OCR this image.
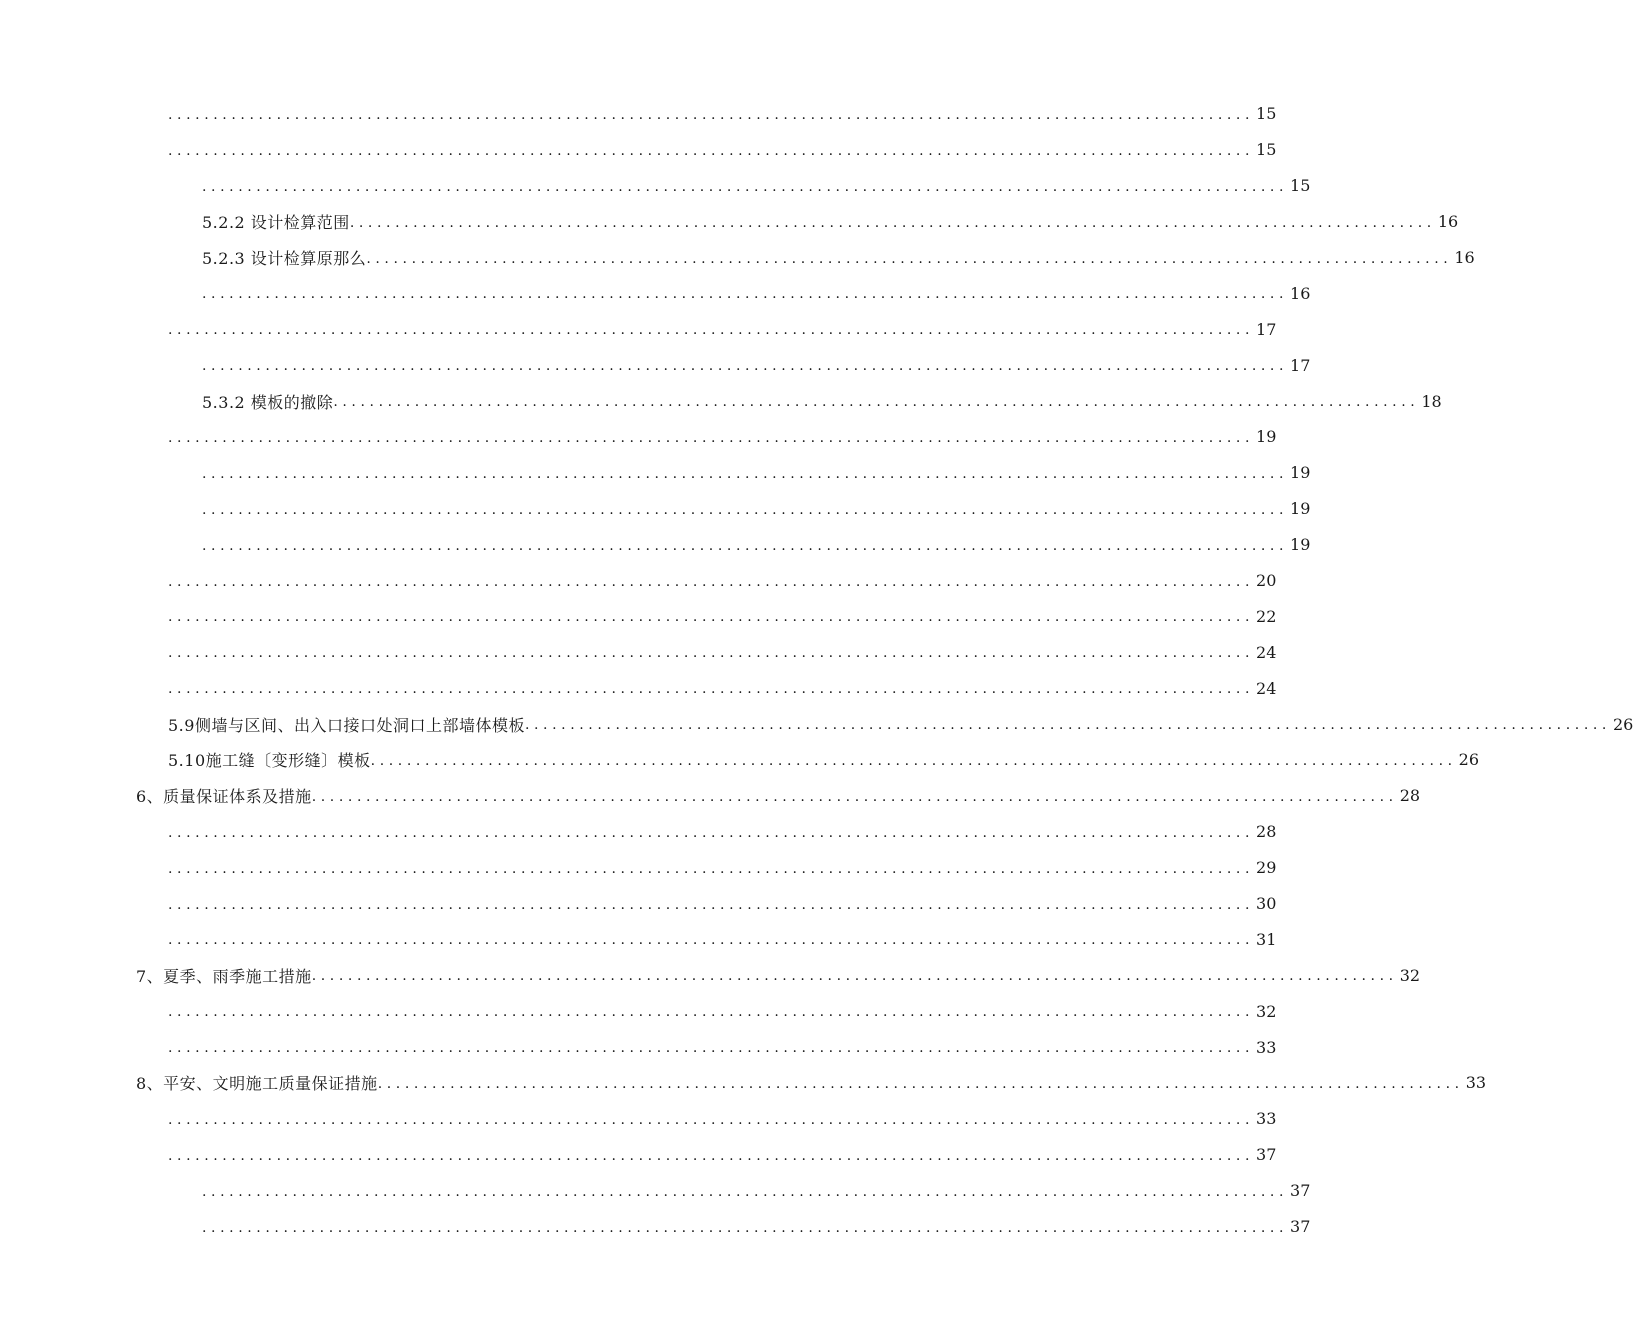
........................................................................................................................ 15
........................................................................................................................ 15
........................................................................................................................ 15
5.2.2 设计检算范围 ........................................................................................................................ 16
5.2.3 设计检算原那么 ........................................................................................................................ 16
........................................................................................................................ 16
........................................................................................................................ 17
........................................................................................................................ 17
5.3.2 模板的撤除 ........................................................................................................................ 18
........................................................................................................................ 19
........................................................................................................................ 19
........................................................................................................................ 19
........................................................................................................................ 19
........................................................................................................................ 20
........................................................................................................................ 22
........................................................................................................................ 24
........................................................................................................................ 24
5.9侧墙与区间、出入口接口处洞口上部墙体模板 ........................................................................................................................ 26
5.10施工缝〔变形缝〕模板 ........................................................................................................................ 26
6、质量保证体系及措施 ........................................................................................................................ 28
........................................................................................................................ 28
........................................................................................................................ 29
........................................................................................................................ 30
........................................................................................................................ 31
7、夏季、雨季施工措施 ........................................................................................................................ 32
........................................................................................................................ 32
........................................................................................................................ 33
8、平安、文明施工质量保证措施 ........................................................................................................................ 33
........................................................................................................................ 33
........................................................................................................................ 37
........................................................................................................................ 37
........................................................................................................................ 37
